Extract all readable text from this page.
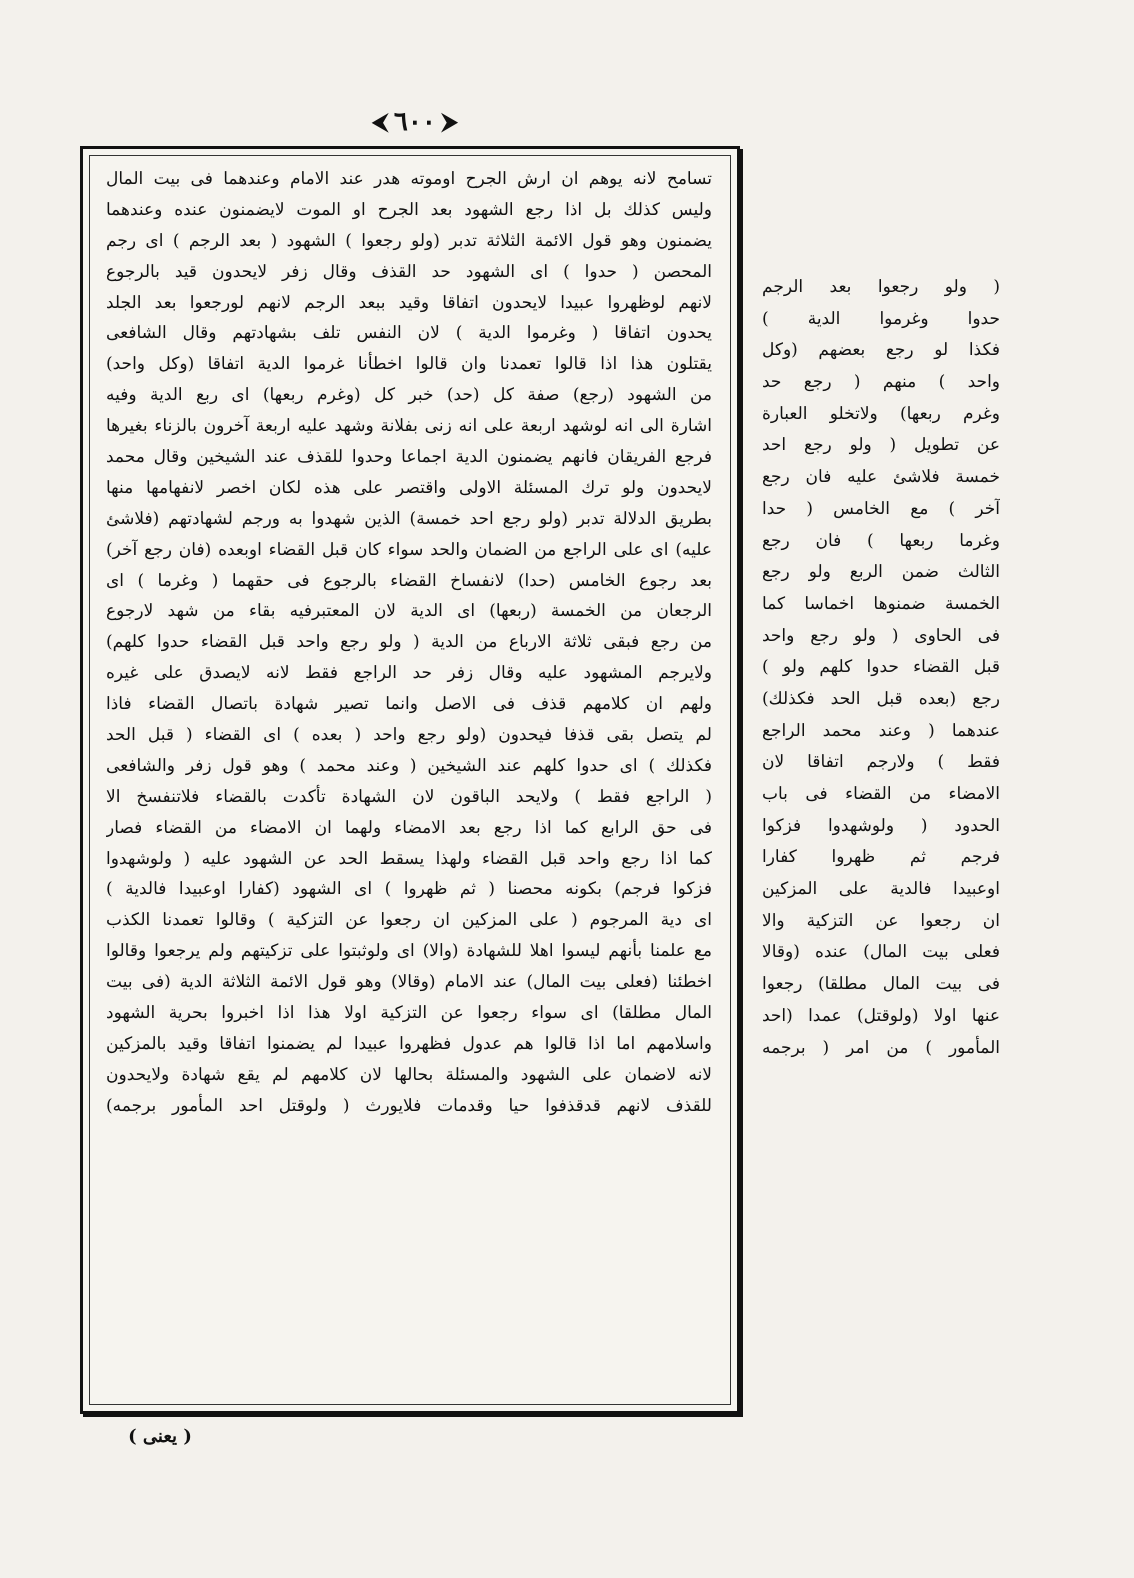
⮞
٦٠٠
⮜
تسامح لانه يوهم ان ارش الجرح اوموته هدر عند الامام وعندهما فى بيت المال
وليس كذلك بل اذا رجع الشهود بعد الجرح او الموت لايضمنون عنده وعندهما
يضمنون وهو قول الائمة الثلاثة تدبر (ولو رجعوا ) الشهود ( بعد الرجم ) اى رجم
المحصن ( حدوا ) اى الشهود حد القذف وقال زفر لايحدون قيد بالرجوع
لانهم لوظهروا عبيدا لايحدون اتفاقا وقيد ببعد الرجم لانهم لورجعوا بعد الجلد
يحدون اتفاقا ( وغرموا الدية ) لان النفس تلف بشهادتهم وقال الشافعى
يقتلون هذا اذا قالوا تعمدنا وان قالوا اخطأنا غرموا الدية اتفاقا (وكل واحد)
من الشهود (رجع) صفة كل (حد) خبر كل (وغرم ربعها) اى ربع الدية وفيه
اشارة الى انه لوشهد اربعة على انه زنى بفلانة وشهد عليه اربعة آخرون بالزناء بغيرها
فرجع الفريقان فانهم يضمنون الدية اجماعا وحدوا للقذف عند الشيخين وقال محمد
لايحدون ولو ترك المسئلة الاولى واقتصر على هذه لكان اخصر لانفهامها منها
بطريق الدلالة تدبر (ولو رجع احد خمسة) الذين شهدوا به ورجم لشهادتهم (فلاشئ
عليه) اى على الراجع من الضمان والحد سواء كان قبل القضاء اوبعده (فان رجع آخر)
بعد رجوع الخامس (حدا) لانفساخ القضاء بالرجوع فى حقهما ( وغرما ) اى
الرجعان من الخمسة (ربعها) اى الدية لان المعتبرفيه بقاء من شهد لارجوع
من رجع فبقى ثلاثة الارباع من الدية ( ولو رجع واحد قبل القضاء حدوا كلهم)
ولايرجم المشهود عليه وقال زفر حد الراجع فقط لانه لايصدق على غيره
ولهم ان كلامهم قذف فى الاصل وانما تصير شهادة باتصال القضاء فاذا
لم يتصل بقى قذفا فيحدون (ولو رجع واحد ( بعده ) اى القضاء ( قبل الحد
فكذلك ) اى حدوا كلهم عند الشيخين ( وعند محمد ) وهو قول زفر والشافعى
( الراجع فقط ) ولايحد الباقون لان الشهادة تأكدت بالقضاء فلاتنفسخ الا
فى حق الرابع كما اذا رجع بعد الامضاء ولهما ان الامضاء من القضاء فصار
كما اذا رجع واحد قبل القضاء ولهذا يسقط الحد عن الشهود عليه ( ولوشهدوا
فزكوا فرجم) بكونه محصنا ( ثم ظهروا ) اى الشهود (كفارا اوعبيدا فالدية )
اى دية المرجوم ( على المزكين ان رجعوا عن التزكية ) وقالوا تعمدنا الكذب
مع علمنا بأنهم ليسوا اهلا للشهادة (والا) اى ولوثبتوا على تزكيتهم ولم يرجعوا وقالوا
اخطئنا (فعلى بيت المال) عند الامام (وقالا) وهو قول الائمة الثلاثة الدية (فى بيت
المال مطلقا) اى سواء رجعوا عن التزكية اولا هذا اذا اخبروا بحرية الشهود
واسلامهم اما اذا قالوا هم عدول فظهروا عبيدا لم يضمنوا اتفاقا وقيد بالمزكين
لانه لاضمان على الشهود والمسئلة بحالها لان كلامهم لم يقع شهادة ولايحدون
للقذف لانهم قدقذفوا حيا وقدمات فلايورث ( ولوقتل احد المأمور برجمه)
( ولو رجعوا بعد الرجم
حدوا وغرموا الدية )
فكذا لو رجع بعضهم (وكل
واحد ) منهم ( رجع حد
وغرم ربعها) ولاتخلو العبارة
عن تطويل ( ولو رجع احد
خمسة فلاشئ عليه فان رجع
آخر ) مع الخامس ( حدا
وغرما ربعها ) فان رجع
الثالث ضمن الربع ولو رجع
الخمسة ضمنوها اخماسا كما
فى الحاوى ( ولو رجع واحد
قبل القضاء حدوا كلهم ولو )
رجع (بعده قبل الحد فكذلك)
عندهما ( وعند محمد الراجع
فقط ) ولارجم اتفاقا لان
الامضاء من القضاء فى باب
الحدود ( ولوشهدوا فزكوا
فرجم ثم ظهروا كفارا
اوعبيدا فالدية على المزكين
ان رجعوا عن التزكية والا
فعلى بيت المال) عنده (وقالا
فى بيت المال مطلقا) رجعوا
عنها اولا (ولوقتل) عمدا (احد
المأمور ) من امر ( برجمه
( يعنى )
